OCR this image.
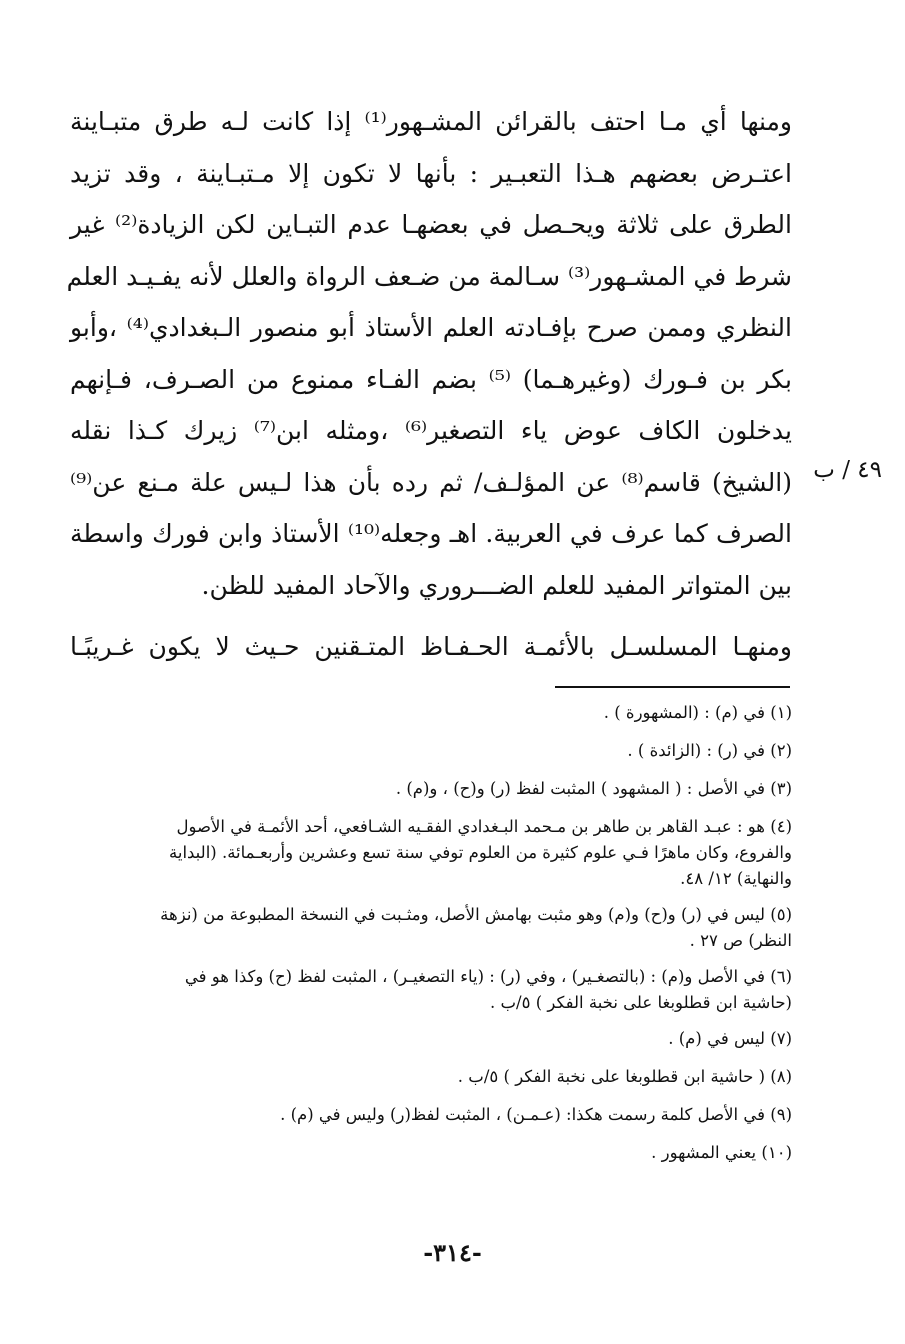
ومنها أي مـا احتف بالقرائن المشـهور⁽¹⁾ إذا كانت لـه طرق متبـاينة
اعتـرض بعضهم هـذا التعبـير : بأنها لا تكون إلا مـتبـاينة ، وقد تزيد
الطرق على ثلاثة ويحـصل في بعضهـا عدم التبـاين لكن الزيادة⁽²⁾ غير
شرط في المشـهور⁽³⁾ سـالمة من ضـعف الرواة والعلل لأنه يفـيـد العلم
النظري وممن صرح بإفـادته العلم الأستاذ أبو منصور الـبغدادي⁽⁴⁾ ،وأبو
بكر بن فـورك (وغيرهـما) ⁽⁵⁾ بضم الفـاء ممنوع من الصـرف، فـإنهم
يدخلون الكاف عوض ياء التصغير⁽⁶⁾ ،ومثله ابن⁽⁷⁾ زيرك كـذا نقله
(الشيخ) قاسم⁽⁸⁾ عن المؤلـف/ ثم رده بأن هذا لـيس علة مـنع عن⁽⁹⁾
الصرف كما عرف في العربية. اهـ وجعله⁽¹⁰⁾ الأستاذ وابن فورك واسطة
بين المتواتر المفيد للعلم الضـــروري والآحاد المفيد للظن.

ومنهـا المسلسـل بالأئمـة الحـفـاظ المتـقنين حـيث لا يكون غـريبًـا

٤٩ / ب
(١) في (م) : (المشهورة ) .
(٢) في (ر) : (الزائدة ) .
(٣) في الأصل : ( المشهود ) المثبت لفظ (ر) و(ح) ، و(م) .
(٤) هو : عبـد القاهر بن طاهر بن مـحمد البـغدادي الفقـيه الشـافعي، أحد الأئمـة في الأصول
والفروع، وكان ماهرًا فـي علوم كثيرة من العلوم توفي سنة تسع وعشرين وأربعـمائة. (البداية
والنهاية) ١٢/ ٤٨.
(٥) ليس في (ر) و(ح) و(م) وهو مثبت بهامش الأصل، ومثـبت في النسخة المطبوعة من (نزهة
النظر) ص ٢٧ .
(٦) في الأصل و(م) : (بالتصغـير) ، وفي (ر) : (ياء التصغيـر) ، المثبت لفظ (ح) وكذا هو في
(حاشية ابن قطلوبغا على نخبة الفكر ) ٥/ب .
(٧) ليس في (م) .
(٨) ( حاشية ابن قطلوبغا على نخبة الفكر ) ٥/ب .
(٩) في الأصل كلمة رسمت هكذا: (عـمـن) ، المثبت لفظ(ر) وليس في (م) .
(١٠) يعني المشهور .
-٣١٤-
